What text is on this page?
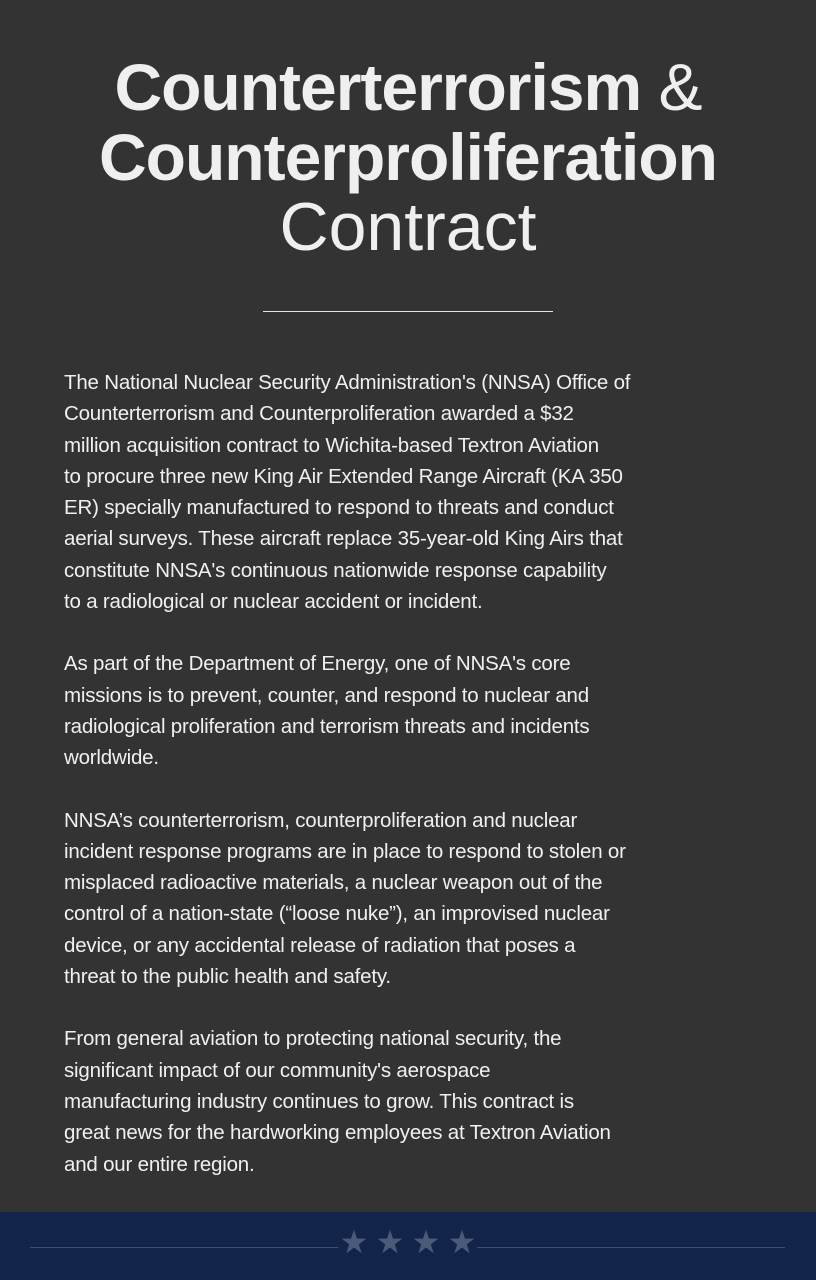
Counterterrorism &
Counterproliferation
Contract

The National Nuclear Security Administration's (NNSA) Office of
Counterterrorism and Counterproliferation awarded a $32
million acquisition contract to Wichita-based Textron Aviation
to procure three new King Air Extended Range Aircraft (KA 350
ER) specially manufactured to respond to threats and conduct
aerial surveys. These aircraft replace 35-year-old King Airs that
constitute NNSA's continuous nationwide response capability
to a radiological or nuclear accident or incident.

As part of the Department of Energy, one of NNSA's core
missions is to prevent, counter, and respond to nuclear and
radiological proliferation and terrorism threats and incidents
worldwide.

NNSA’s counterterrorism, counterproliferation and nuclear
incident response programs are in place to respond to stolen or
misplaced radioactive materials, a nuclear weapon out of the
control of a nation-state (“loose nuke”), an improvised nuclear
device, or any accidental release of radiation that poses a
threat to the public health and safety.

From general aviation to protecting national security, the
significant impact of our community's aerospace
manufacturing industry continues to grow. This contract is
great news for the hardworking employees at Textron Aviation
and our entire region.
